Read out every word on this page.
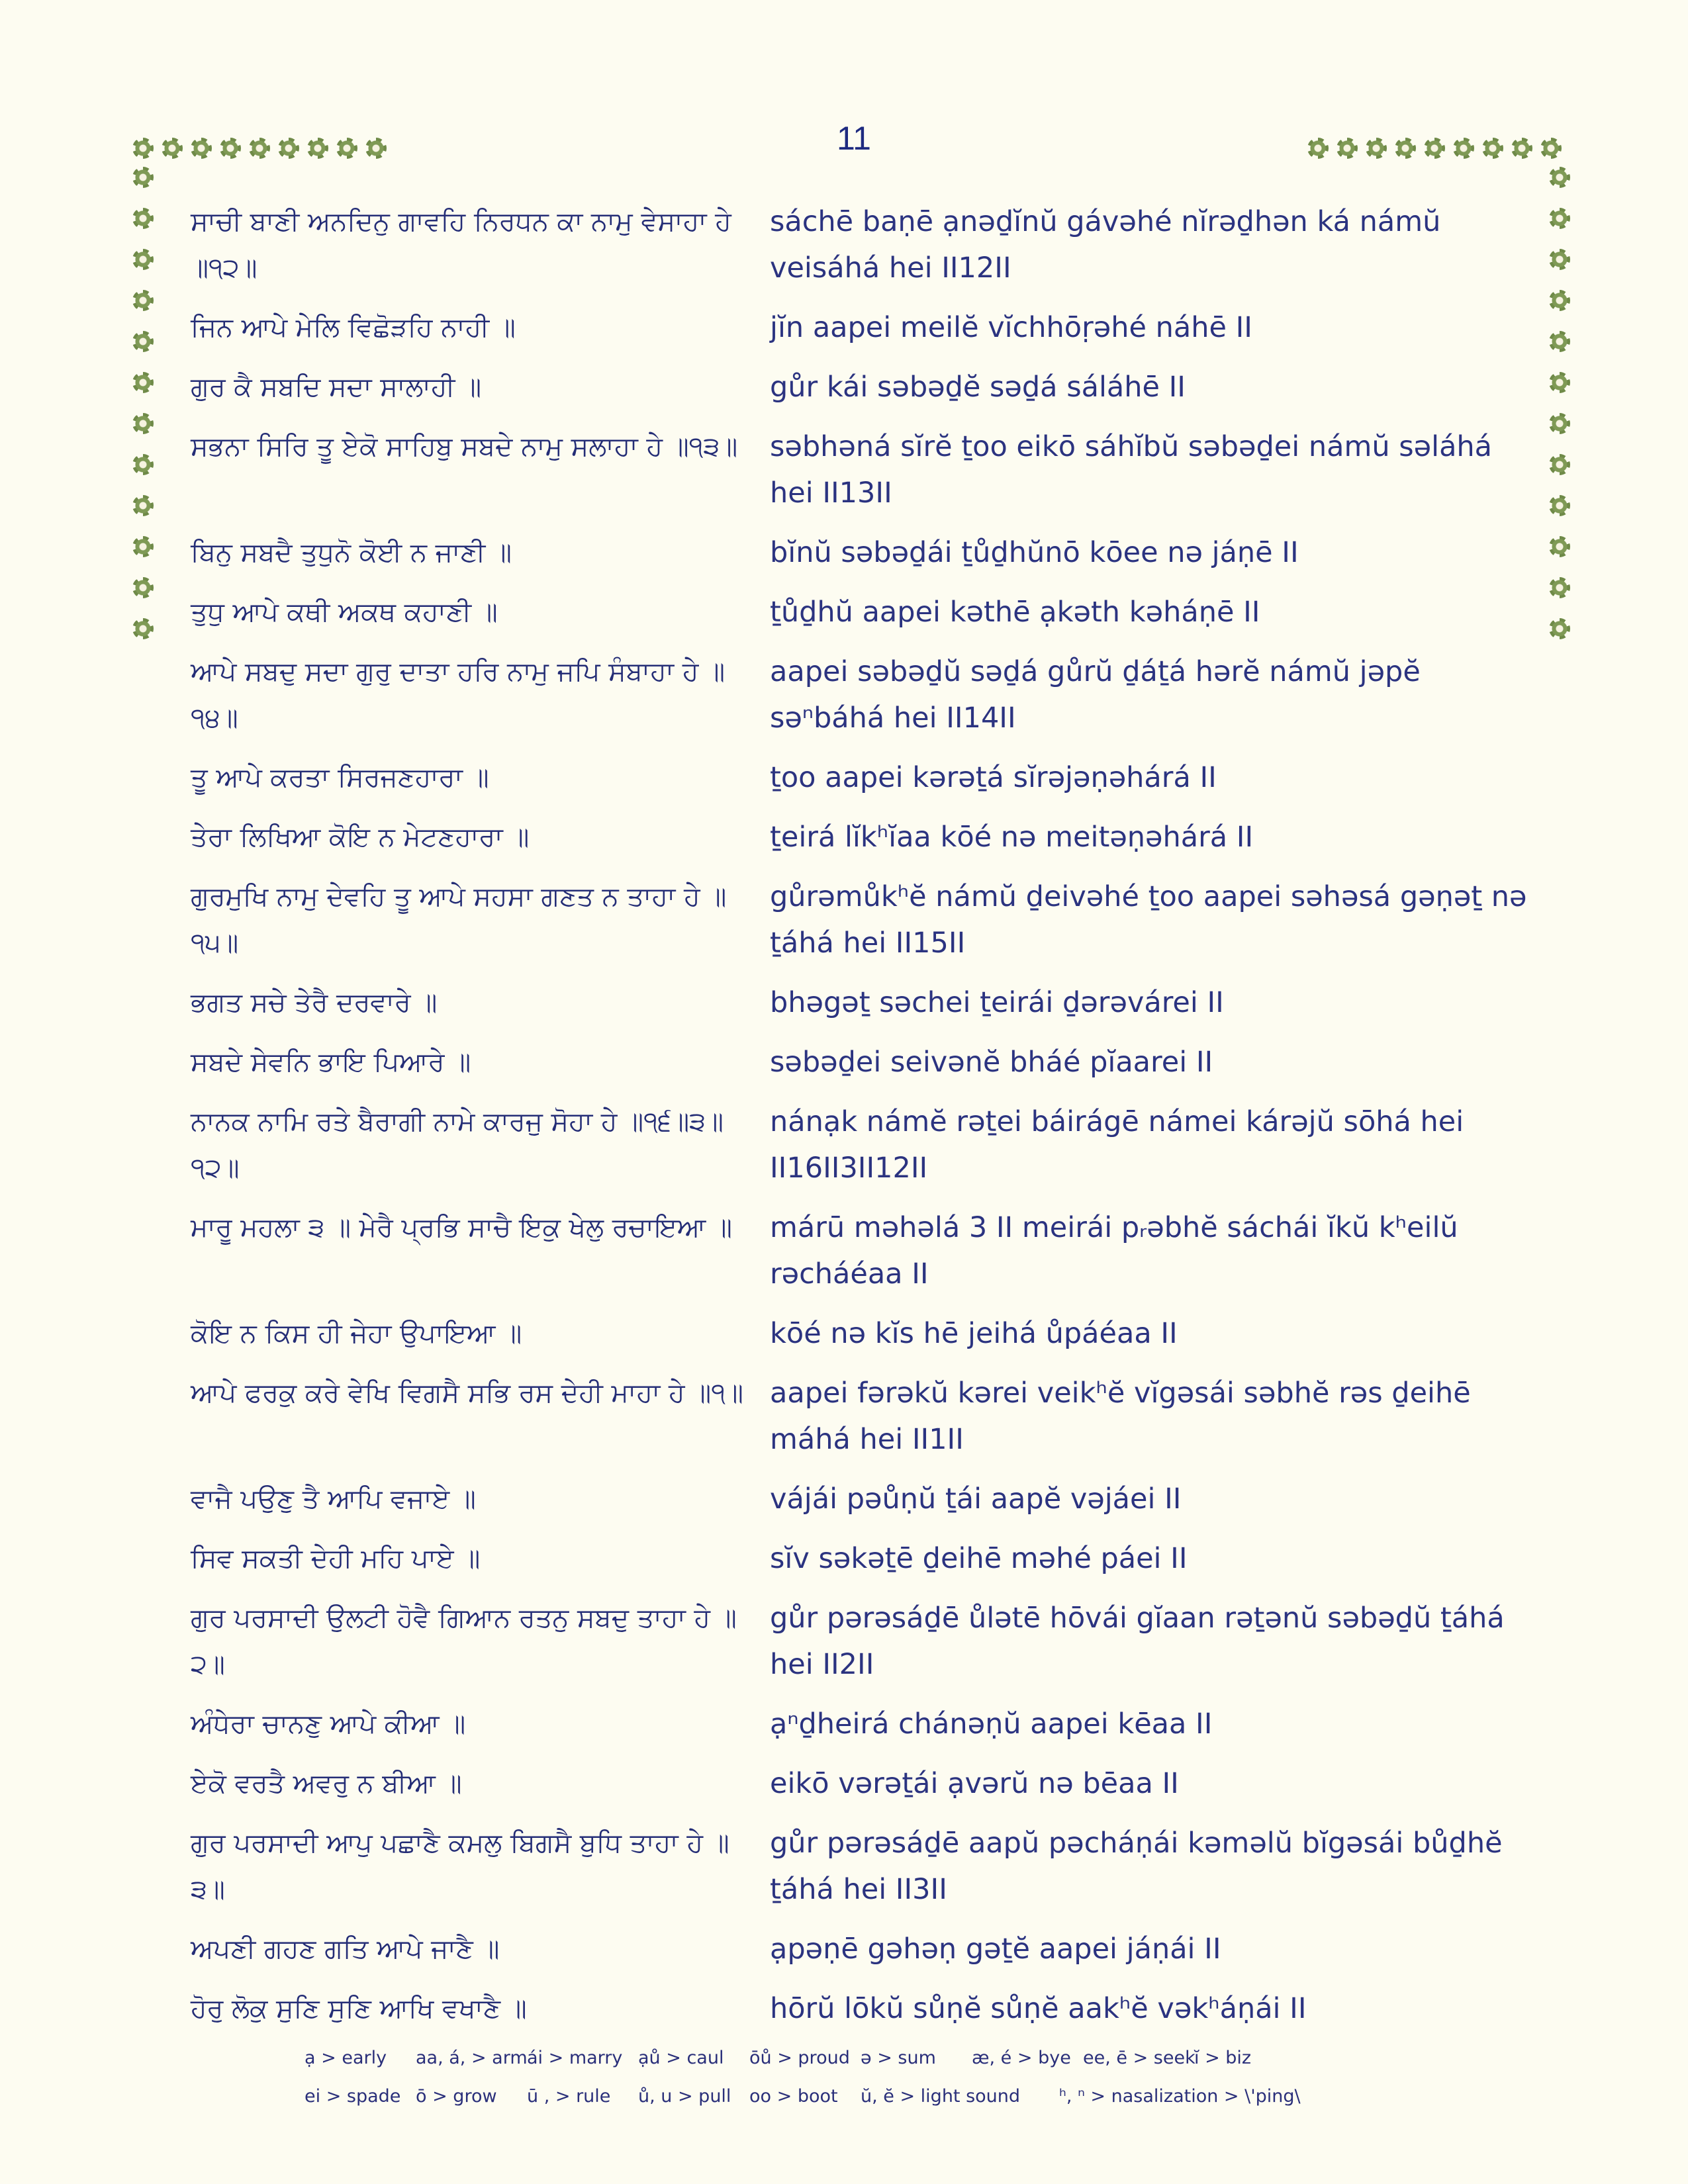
11
ਸਾਚੀ ਬਾਣੀ ਅਨਦਿਨੁ ਗਾਵਹਿ ਨਿਰਧਨ ਕਾ ਨਾਮੁ ਵੇਸਾਹਾ ਹੇ ॥੧੨॥
sáchē baṇē ạnəḏĭnŭ gávəhé nĭrəḏhən ká námŭ veisáhá hei II12II
ਜਿਨ ਆਪੇ ਮੇਲਿ ਵਿਛੋੜਹਿ ਨਾਹੀ ॥	jĭn aapei meilĕ vĭchhōṛəhé náhē II
ਗੁਰ ਕੈ ਸਬਦਿ ਸਦਾ ਸਾਲਾਹੀ ॥	gůr kái səbəḏĕ səḏá sáláhē II
ਸਭਨਾ ਸਿਰਿ ਤੂ ਏਕੋ ਸਾਹਿਬੁ ਸਬਦੇ ਨਾਮੁ ਸਲਾਹਾ ਹੇ ॥੧੩॥	səbhəná sĭrĕ ṯoo eikō sáhĭbŭ səbəḏei námŭ səláhá hei II13II
ਬਿਨੁ ਸਬਦੈ ਤੁਧੁਨੋ ਕੋਈ ਨ ਜਾਣੀ ॥	bĭnŭ səbəḏái ṯůḏhŭnō kōee nə jáṇē II
ਤੁਧੁ ਆਪੇ ਕਥੀ ਅਕਥ ਕਹਾਣੀ ॥	ṯůḏhŭ aapei kəthē ạkəth kəháṇē II
ਆਪੇ ਸਬਦੁ ਸਦਾ ਗੁਰੁ ਦਾਤਾ ਹਰਿ ਨਾਮੁ ਜਪਿ ਸੰਬਾਹਾ ਹੇ ॥੧੪॥
aapei səbəḏŭ səḏá gůrŭ ḏáṯá hərĕ námŭ jəpĕ səⁿbáhá hei II14II
ਤੂ ਆਪੇ ਕਰਤਾ ਸਿਰਜਣਹਾਰਾ ॥	ṯoo aapei kərəṯá sĭrəjəṇəhárá II
ਤੇਰਾ ਲਿਖਿਆ ਕੋਇ ਨ ਮੇਟਣਹਾਰਾ ॥	ṯeirá lĭkʰĭaa kōé nə meitəṇəhárá II
ਗੁਰਮੁਖਿ ਨਾਮੁ ਦੇਵਹਿ ਤੂ ਆਪੇ ਸਹਸਾ ਗਣਤ ਨ ਤਾਹਾ ਹੇ ॥੧੫॥
gůrəmůkʰĕ námŭ ḏeivəhé ṯoo aapei səhəsá gəṇəṯ nə ṯáhá hei II15II
ਭਗਤ ਸਚੇ ਤੇਰੈ ਦਰਵਾਰੇ ॥	bhəgəṯ səchei ṯeirái ḏərəvárei II
ਸਬਦੇ ਸੇਵਨਿ ਭਾਇ ਪਿਆਰੇ ॥	səbəḏei seivənĕ bháé pĭaarei II
ਨਾਨਕ ਨਾਮਿ ਰਤੇ ਬੈਰਾਗੀ ਨਾਮੇ ਕਾਰਜੁ ਸੋਹਾ ਹੇ ॥੧੬॥੩॥੧੨॥
nánạk námĕ rəṯei báirágē námei kárəjŭ sōhá hei II16II3II12II
ਮਾਰੂ ਮਹਲਾ ੩ ॥ ਮੇਰੈ ਪ੍ਰਭਿ ਸਾਚੈ ਇਕੁ ਖੇਲੁ ਰਚਾਇਆ ॥	márū məhəlá 3 II meirái pᵣəbhĕ sáchái ĭkŭ kʰeilŭ rəcháéaa II
ਕੋਇ ਨ ਕਿਸ ਹੀ ਜੇਹਾ ਉਪਾਇਆ ॥	kōé nə kĭs hē jeihá ůpáéaa II
ਆਪੇ ਫਰਕੁ ਕਰੇ ਵੇਖਿ ਵਿਗਸੈ ਸਭਿ ਰਸ ਦੇਹੀ ਮਾਹਾ ਹੇ ॥੧॥ aapei fərəkŭ kərei veikʰĕ vĭgəsái səbhĕ rəs ḏeihē máhá hei II1II
ਵਾਜੈ ਪਉਣੁ ਤੈ ਆਪਿ ਵਜਾਏ ॥	vájái pəůṇŭ ṯái aapĕ vəjáei II
ਸਿਵ ਸਕਤੀ ਦੇਹੀ ਮਹਿ ਪਾਏ ॥	sĭv səkəṯē ḏeihē məhé páei II
ਗੁਰ ਪਰਸਾਦੀ ਉਲਟੀ ਹੋਵੈ ਗਿਆਨ ਰਤਨੁ ਸਬਦੁ ਤਾਹਾ ਹੇ ॥੨॥
gůr pərəsáḏē ůlətē hōvái gĭaan rəṯənŭ səbəḏŭ ṯáhá hei II2II
ਅੰਧੇਰਾ ਚਾਨਣੁ ਆਪੇ ਕੀਆ ॥	ạⁿḏheirá chánəṇŭ aapei kēaa II
ਏਕੋ ਵਰਤੈ ਅਵਰੁ ਨ ਬੀਆ ॥	eikō vərəṯái ạvərŭ nə bēaa II
ਗੁਰ ਪਰਸਾਦੀ ਆਪੁ ਪਛਾਣੈ ਕਮਲੁ ਬਿਗਸੈ ਬੁਧਿ ਤਾਹਾ ਹੇ ॥੩॥
gůr pərəsáḏē aapŭ pəcháṇái kəməlŭ bĭgəsái bůḏhĕ ṯáhá hei II3II
ਅਪਣੀ ਗਹਣ ਗਤਿ ਆਪੇ ਜਾਣੈ ॥	ạpəṇē gəhəṇ gəṯĕ aapei jáṇái II
ਹੋਰੁ ਲੋਕੁ ਸੁਣਿ ਸੁਣਿ ਆਖਿ ਵਖਾਣੈ ॥	hōrŭ lōkŭ sůṇĕ sůṇĕ aakʰĕ vəkʰáṇái II
ạ > early	aa, á, > arm ái > marry ạů > caul	ōů > proud ə > sum	æ, é > bye ee, ē > seek
ĭ > biz
ei > spade ō > grow	ū , > rule	ů, u > pull	oo > boot	ŭ, ĕ > light sound	ʰ, ⁿ > nasalization > \'ping\
